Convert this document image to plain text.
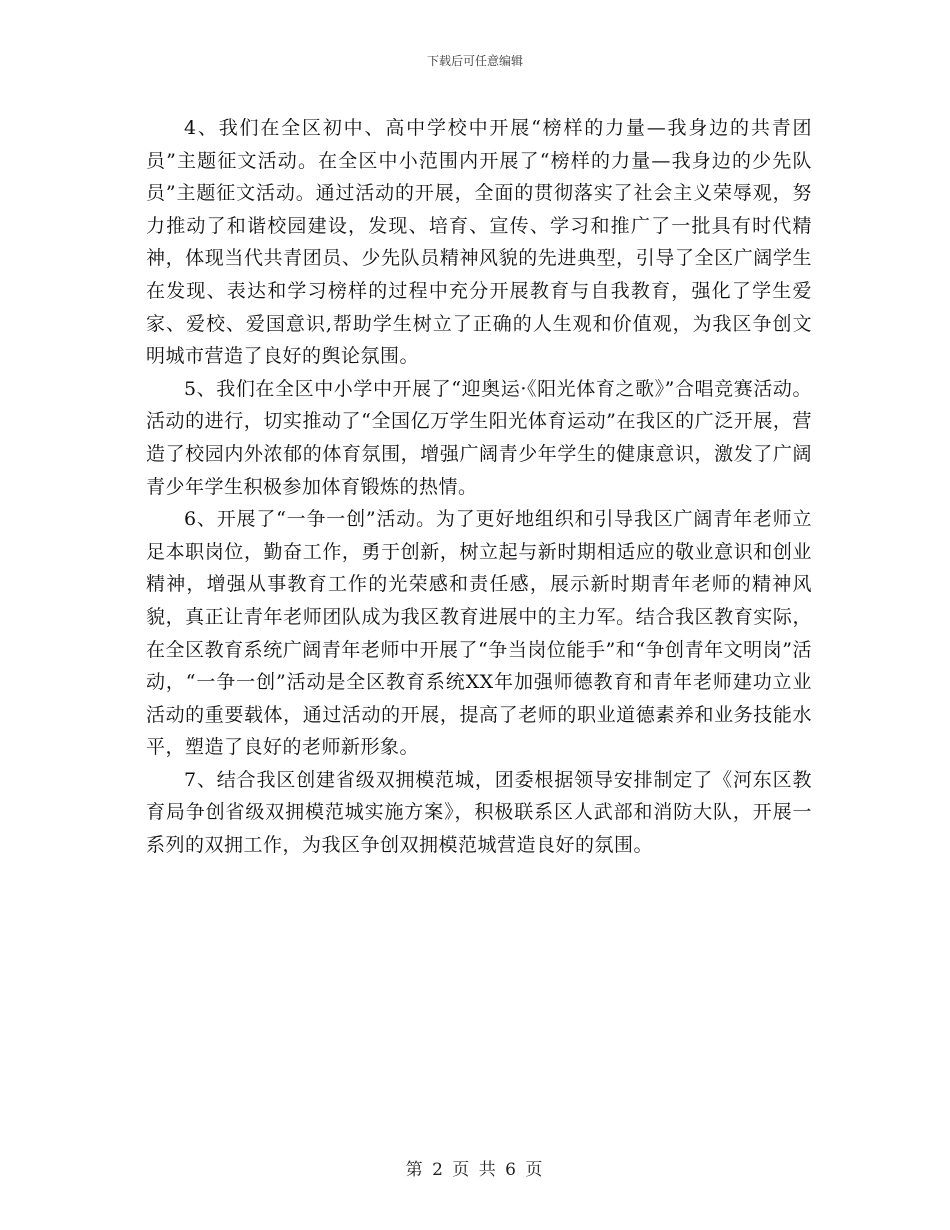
下载后可任意编辑

4、我们在全区初中、高中学校中开展“榜样的力量—我身边的共青团员”主题征文活动。在全区中小范围内开展了“榜样的力量—我身边的少先队员”主题征文活动。通过活动的开展，全面的贯彻落实了社会主义荣辱观，努力推动了和谐校园建设，发现、培育、宣传、学习和推广了一批具有时代精神，体现当代共青团员、少先队员精神风貌的先进典型，引导了全区广阔学生在发现、表达和学习榜样的过程中充分开展教育与自我教育，强化了学生爱家、爱校、爱国意识,帮助学生树立了正确的人生观和价值观，为我区争创文明城市营造了良好的舆论氛围。

5、我们在全区中小学中开展了“迎奥运·《阳光体育之歌》”合唱竞赛活动。活动的进行，切实推动了“全国亿万学生阳光体育运动”在我区的广泛开展，营造了校园内外浓郁的体育氛围，增强广阔青少年学生的健康意识，激发了广阔青少年学生积极参加体育锻炼的热情。

6、开展了“一争一创”活动。为了更好地组织和引导我区广阔青年老师立足本职岗位，勤奋工作，勇于创新，树立起与新时期相适应的敬业意识和创业精神，增强从事教育工作的光荣感和责任感，展示新时期青年老师的精神风貌，真正让青年老师团队成为我区教育进展中的主力军。结合我区教育实际，在全区教育系统广阔青年老师中开展了“争当岗位能手”和“争创青年文明岗”活动，“一争一创”活动是全区教育系统XX年加强师德教育和青年老师建功立业活动的重要载体，通过活动的开展，提高了老师的职业道德素养和业务技能水平，塑造了良好的老师新形象。

7、结合我区创建省级双拥模范城，团委根据领导安排制定了《河东区教育局争创省级双拥模范城实施方案》，积极联系区人武部和消防大队，开展一系列的双拥工作，为我区争创双拥模范城营造良好的氛围。

第 2 页 共 6 页
